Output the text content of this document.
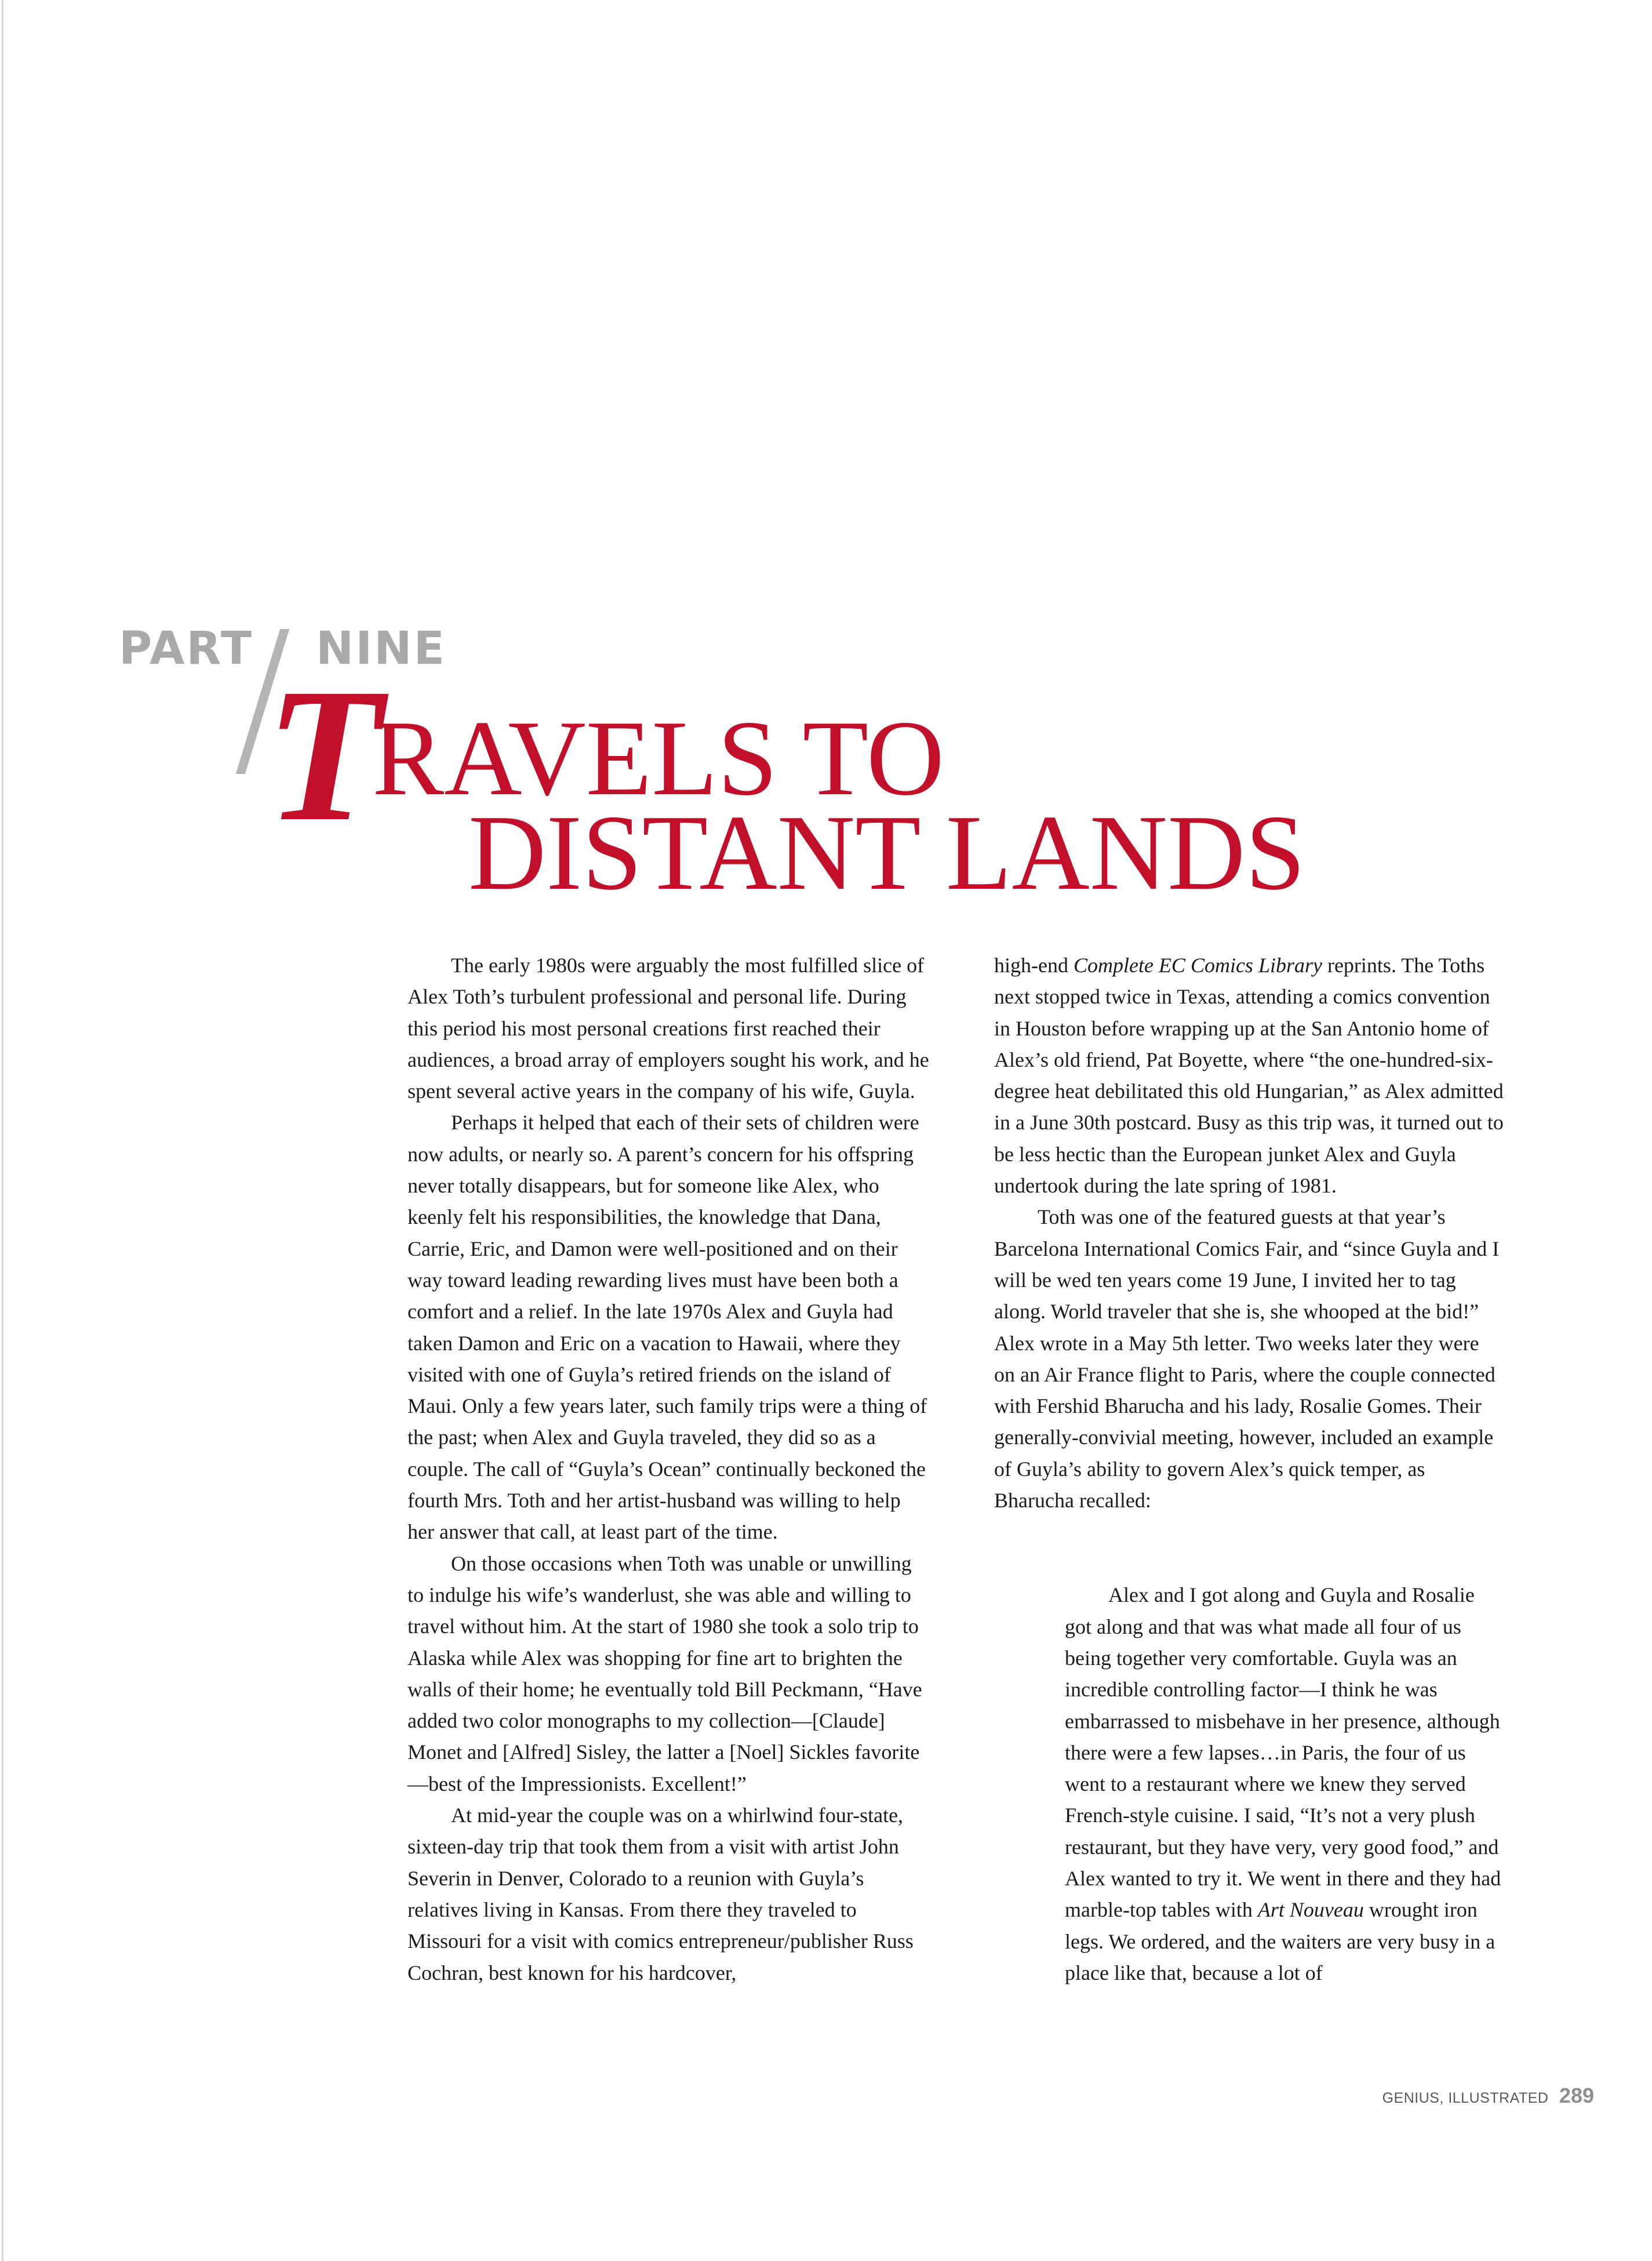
PART NINE
T
RAVELS TO
DISTANT LANDS

The early 1980s were arguably the most fulfilled slice of Alex Toth’s turbulent professional and personal life. During this period his most personal creations first reached their audiences, a broad array of employers sought his work, and he spent several active years in the company of his wife, Guyla.

Perhaps it helped that each of their sets of children were now adults, or nearly so. A parent’s concern for his offspring never totally disappears, but for someone like Alex, who keenly felt his responsibilities, the knowledge that Dana, Carrie, Eric, and Damon were well-positioned and on their way toward leading rewarding lives must have been both a comfort and a relief. In the late 1970s Alex and Guyla had taken Damon and Eric on a vacation to Hawaii, where they visited with one of Guyla’s retired friends on the island of Maui. Only a few years later, such family trips were a thing of the past; when Alex and Guyla traveled, they did so as a couple. The call of “Guyla’s Ocean” continually beckoned the fourth Mrs. Toth and her artist-husband was willing to help her answer that call, at least part of the time.

On those occasions when Toth was unable or unwilling to indulge his wife’s wanderlust, she was able and willing to travel without him. At the start of 1980 she took a solo trip to Alaska while Alex was shopping for fine art to brighten the walls of their home; he eventually told Bill Peckmann, “Have added two color monographs to my collection—[Claude] Monet and [Alfred] Sisley, the latter a [Noel] Sickles favorite—best of the Impressionists. Excellent!”

At mid-year the couple was on a whirlwind four-state, sixteen-day trip that took them from a visit with artist John Severin in Denver, Colorado to a reunion with Guyla’s relatives living in Kansas. From there they traveled to Missouri for a visit with comics entrepreneur/publisher Russ Cochran, best known for his hardcover,

high-end Complete EC Comics Library reprints. The Toths next stopped twice in Texas, attending a comics convention in Houston before wrapping up at the San Antonio home of Alex’s old friend, Pat Boyette, where “the one-hundred-six-degree heat debilitated this old Hungarian,” as Alex admitted in a June 30th postcard. Busy as this trip was, it turned out to be less hectic than the European junket Alex and Guyla undertook during the late spring of 1981.

Toth was one of the featured guests at that year’s Barcelona International Comics Fair, and “since Guyla and I will be wed ten years come 19 June, I invited her to tag along. World traveler that she is, she whooped at the bid!” Alex wrote in a May 5th letter. Two weeks later they were on an Air France flight to Paris, where the couple connected with Fershid Bharucha and his lady, Rosalie Gomes. Their generally-convivial meeting, however, included an example of Guyla’s ability to govern Alex’s quick temper, as Bharucha recalled:

Alex and I got along and Guyla and Rosalie got along and that was what made all four of us being together very comfortable. Guyla was an incredible controlling factor—I think he was embarrassed to misbehave in her presence, although there were a few lapses…in Paris, the four of us went to a restaurant where we knew they served French-style cuisine. I said, “It’s not a very plush restaurant, but they have very, very good food,” and Alex wanted to try it. We went in there and they had marble-top tables with Art Nouveau wrought iron legs. We ordered, and the waiters are very busy in a place like that, because a lot of

GENIUS, ILLUSTRATED 289
